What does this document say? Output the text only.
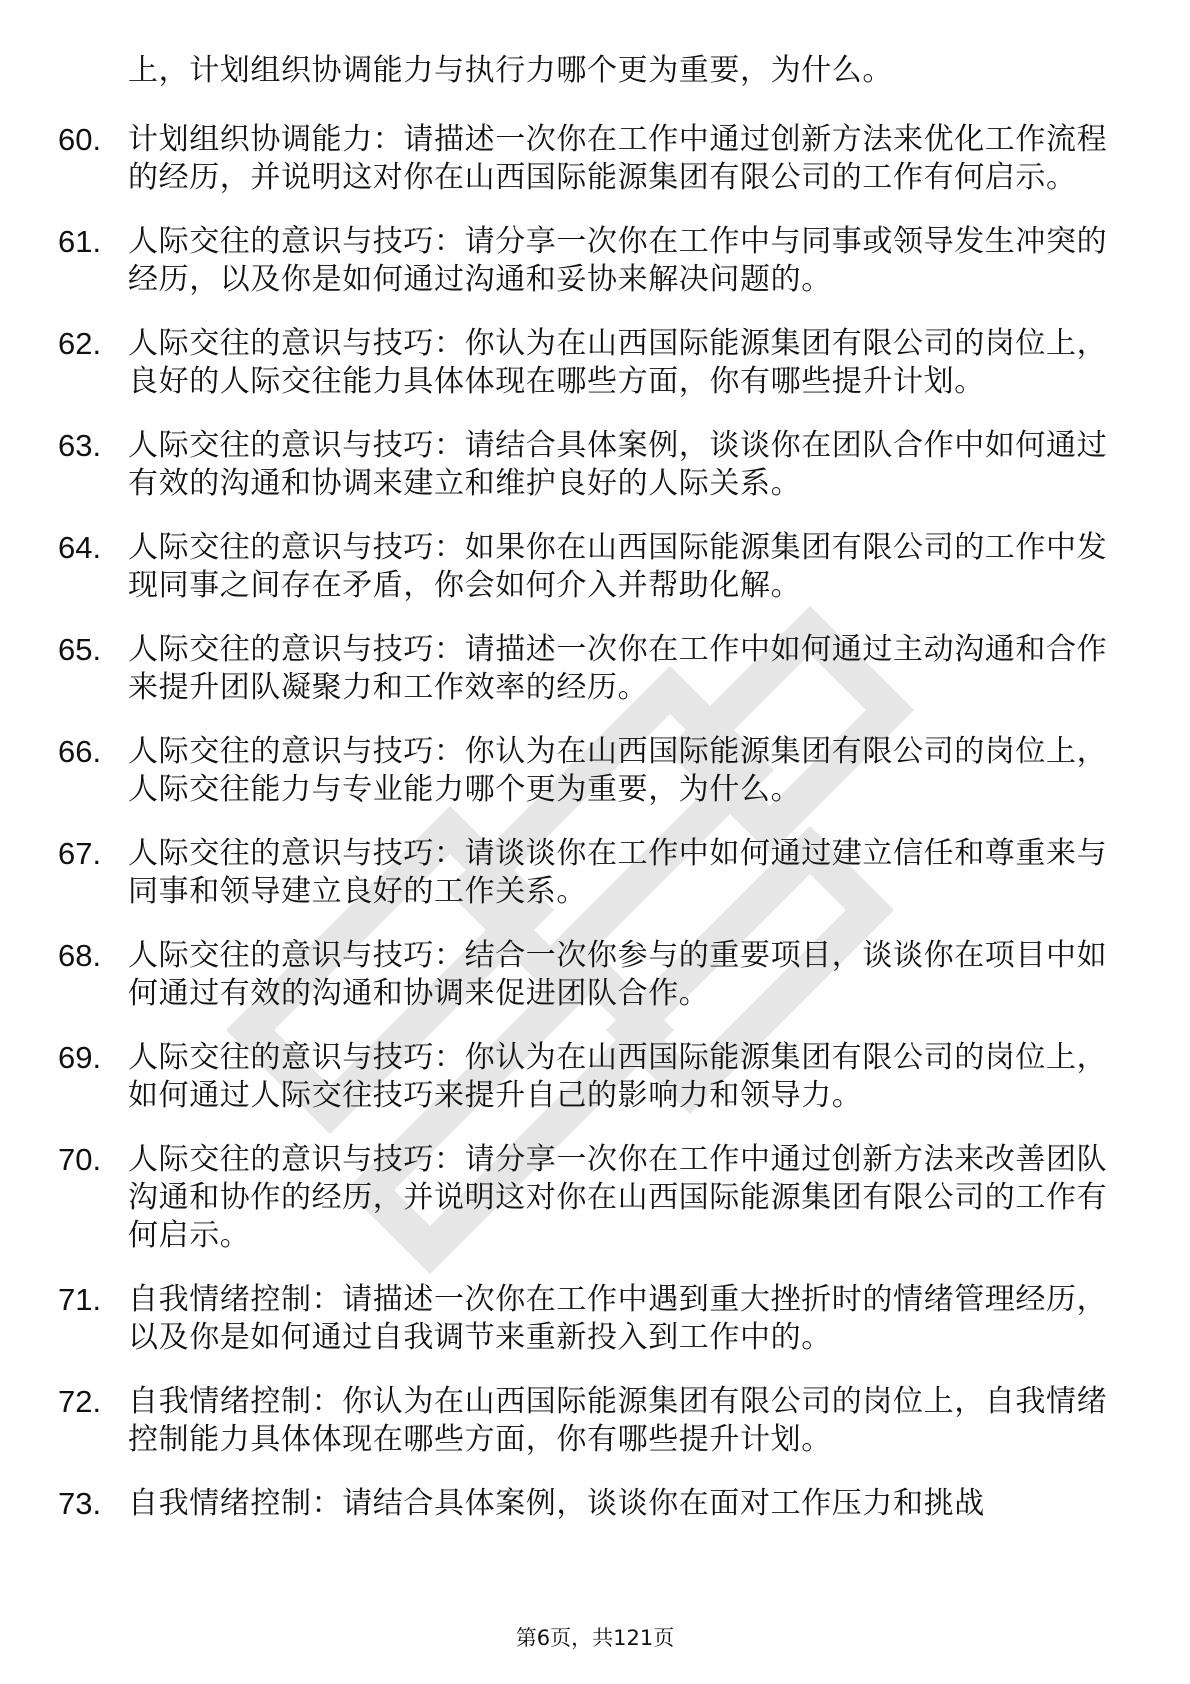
上，计划组织协调能力与执行力哪个更为重要，为什么。
60. 计划组织协调能力：请描述一次你在工作中通过创新方法来优化工作流程的经历，并说明这对你在山西国际能源集团有限公司的工作有何启示。
61. 人际交往的意识与技巧：请分享一次你在工作中与同事或领导发生冲突的经历，以及你是如何通过沟通和妥协来解决问题的。
62. 人际交往的意识与技巧：你认为在山西国际能源集团有限公司的岗位上，良好的人际交往能力具体体现在哪些方面，你有哪些提升计划。
63. 人际交往的意识与技巧：请结合具体案例，谈谈你在团队合作中如何通过有效的沟通和协调来建立和维护良好的人际关系。
64. 人际交往的意识与技巧：如果你在山西国际能源集团有限公司的工作中发现同事之间存在矛盾，你会如何介入并帮助化解。
65. 人际交往的意识与技巧：请描述一次你在工作中如何通过主动沟通和合作来提升团队凝聚力和工作效率的经历。
66. 人际交往的意识与技巧：你认为在山西国际能源集团有限公司的岗位上，人际交往能力与专业能力哪个更为重要，为什么。
67. 人际交往的意识与技巧：请谈谈你在工作中如何通过建立信任和尊重来与同事和领导建立良好的工作关系。
68. 人际交往的意识与技巧：结合一次你参与的重要项目，谈谈你在项目中如何通过有效的沟通和协调来促进团队合作。
69. 人际交往的意识与技巧：你认为在山西国际能源集团有限公司的岗位上，如何通过人际交往技巧来提升自己的影响力和领导力。
70. 人际交往的意识与技巧：请分享一次你在工作中通过创新方法来改善团队沟通和协作的经历，并说明这对你在山西国际能源集团有限公司的工作有何启示。
71. 自我情绪控制：请描述一次你在工作中遇到重大挫折时的情绪管理经历，以及你是如何通过自我调节来重新投入到工作中的。
72. 自我情绪控制：你认为在山西国际能源集团有限公司的岗位上，自我情绪控制能力具体体现在哪些方面，你有哪些提升计划。
73. 自我情绪控制：请结合具体案例，谈谈你在面对工作压力和挑战
第6页，共121页
